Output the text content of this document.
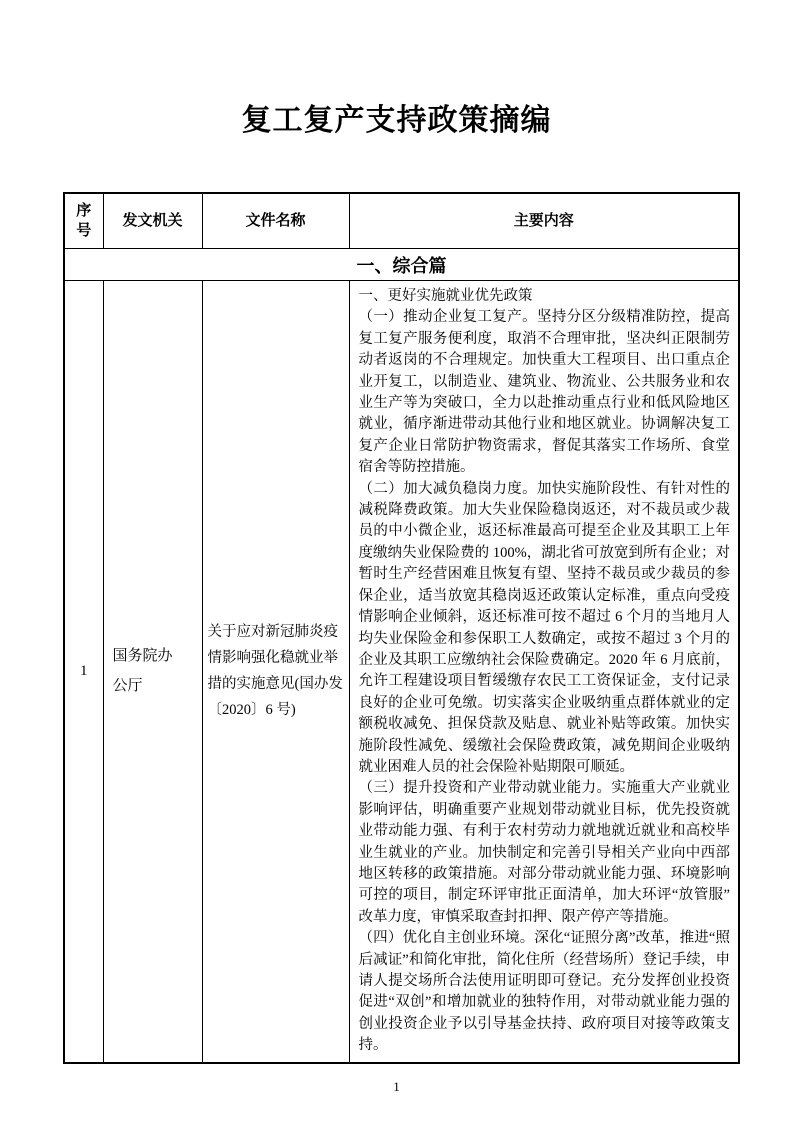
复工复产支持政策摘编
序号	发文机关	文件名称	主要内容
一、综合篇			
1	国务院办公厅	关于应对新冠肺炎疫情影响强化稳就业举措的实施意见(国办发〔2020〕6 号)	一、更好实施就业优先政策

（一）推动企业复工复产。坚持分区分级精准防控，提高复工复产服务便利度，取消不合理审批，坚决纠正限制劳动者返岗的不合理规定。加快重大工程项目、出口重点企业开复工，以制造业、建筑业、物流业、公共服务业和农业生产等为突破口，全力以赴推动重点行业和低风险地区就业，循序渐进带动其他行业和地区就业。协调解决复工复产企业日常防护物资需求，督促其落实工作场所、食堂宿舍等防控措施。

（二）加大减负稳岗力度。加快实施阶段性、有针对性的减税降费政策。加大失业保险稳岗返还，对不裁员或少裁员的中小微企业，返还标准最高可提至企业及其职工上年度缴纳失业保险费的 100%，湖北省可放宽到所有企业；对暂时生产经营困难且恢复有望、坚持不裁员或少裁员的参保企业，适当放宽其稳岗返还政策认定标准，重点向受疫情影响企业倾斜，返还标准可按不超过 6 个月的当地月人均失业保险金和参保职工人数确定，或按不超过 3 个月的企业及其职工应缴纳社会保险费确定。2020 年 6 月底前，允许工程建设项目暂缓缴存农民工工资保证金，支付记录良好的企业可免缴。切实落实企业吸纳重点群体就业的定额税收减免、担保贷款及贴息、就业补贴等政策。加快实施阶段性减免、缓缴社会保险费政策，减免期间企业吸纳就业困难人员的社会保险补贴期限可顺延。

（三）提升投资和产业带动就业能力。实施重大产业就业影响评估，明确重要产业规划带动就业目标，优先投资就业带动能力强、有利于农村劳动力就地就近就业和高校毕业生就业的产业。加快制定和完善引导相关产业向中西部地区转移的政策措施。对部分带动就业能力强、环境影响可控的项目，制定环评审批正面清单，加大环评“放管服”改革力度，审慎采取查封扣押、限产停产等措施。

（四）优化自主创业环境。深化“证照分离”改革，推进“照后减证”和简化审批，简化住所（经营场所）登记手续，申请人提交场所合法使用证明即可登记。充分发挥创业投资促进“双创”和增加就业的独特作用，对带动就业能力强的创业投资企业予以引导基金扶持、政府项目对接等政策支持。

1
